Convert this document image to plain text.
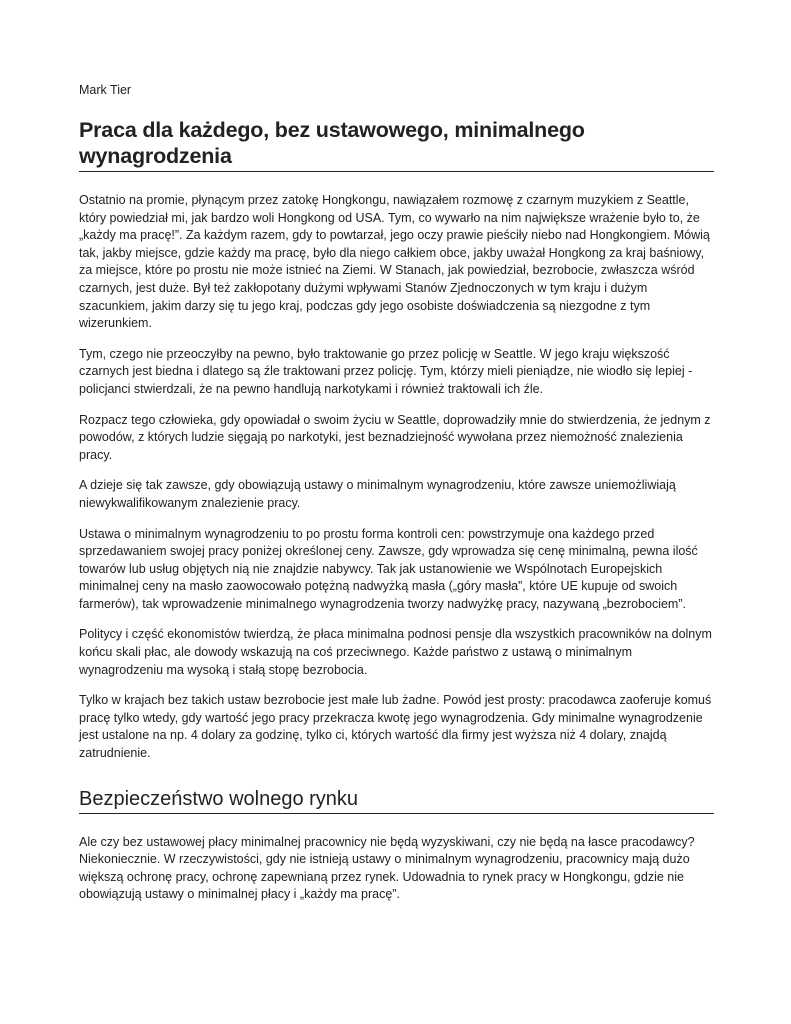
Mark Tier

Praca dla każdego, bez ustawowego, minimalnego wynagrodzenia

Ostatnio na promie, płynącym przez zatokę Hongkongu, nawiązałem rozmowę z czarnym muzykiem z Seattle, który powiedział mi, jak bardzo woli Hongkong od USA. Tym, co wywarło na nim największe wrażenie było to, że „każdy ma pracę!”. Za każdym razem, gdy to powtarzał, jego oczy prawie pieściły niebo nad Hongkongiem. Mówią tak, jakby miejsce, gdzie każdy ma pracę, było dla niego całkiem obce, jakby uważał Hongkong za kraj baśniowy, za miejsce, które po prostu nie może istnieć na Ziemi. W Stanach, jak powiedział, bezrobocie, zwłaszcza wśród czarnych, jest duże. Był też zakłopotany dużymi wpływami Stanów Zjednoczonych w tym kraju i dużym szacunkiem, jakim darzy się tu jego kraj, podczas gdy jego osobiste doświadczenia są niezgodne z tym wizerunkiem.

Tym, czego nie przeoczyłby na pewno, było traktowanie go przez policję w Seattle. W jego kraju większość czarnych jest biedna i dlatego są źle traktowani przez policję. Tym, którzy mieli pieniądze, nie wiodło się lepiej - policjanci stwierdzali, że na pewno handlują narkotykami i również traktowali ich źle.

Rozpacz tego człowieka, gdy opowiadał o swoim życiu w Seattle, doprowadziły mnie do stwierdzenia, że jednym z powodów, z których ludzie sięgają po narkotyki, jest beznadziejność wywołana przez niemożność znalezienia pracy.

A dzieje się tak zawsze, gdy obowiązują ustawy o minimalnym wynagrodzeniu, które zawsze uniemożliwiają niewykwalifikowanym znalezienie pracy.

Ustawa o minimalnym wynagrodzeniu to po prostu forma kontroli cen: powstrzymuje ona każdego przed sprzedawaniem swojej pracy poniżej określonej ceny. Zawsze, gdy wprowadza się cenę minimalną, pewna ilość towarów lub usług objętych nią nie znajdzie nabywcy. Tak jak ustanowienie we Wspólnotach Europejskich minimalnej ceny na masło zaowocowało potężną nadwyżką masła („góry masła”, które UE kupuje od swoich farmerów), tak wprowadzenie minimalnego wynagrodzenia tworzy nadwyżkę pracy, nazywaną „bezrobociem”.

Politycy i część ekonomistów twierdzą, że płaca minimalna podnosi pensje dla wszystkich pracowników na dolnym końcu skali płac, ale dowody wskazują na coś przeciwnego. Każde państwo z ustawą o minimalnym wynagrodzeniu ma wysoką i stałą stopę bezrobocia.

Tylko w krajach bez takich ustaw bezrobocie jest małe lub żadne. Powód jest prosty: pracodawca zaoferuje komuś pracę tylko wtedy, gdy wartość jego pracy przekracza kwotę jego wynagrodzenia. Gdy minimalne wynagrodzenie jest ustalone na np. 4 dolary za godzinę, tylko ci, których wartość dla firmy jest wyższa niż 4 dolary, znajdą zatrudnienie.

Bezpieczeństwo wolnego rynku

Ale czy bez ustawowej płacy minimalnej pracownicy nie będą wyzyskiwani, czy nie będą na łasce pracodawcy? Niekoniecznie. W rzeczywistości, gdy nie istnieją ustawy o minimalnym wynagrodzeniu, pracownicy mają dużo większą ochronę pracy, ochronę zapewnianą przez rynek. Udowadnia to rynek pracy w Hongkongu, gdzie nie obowiązują ustawy o minimalnej płacy i „każdy ma pracę”.
